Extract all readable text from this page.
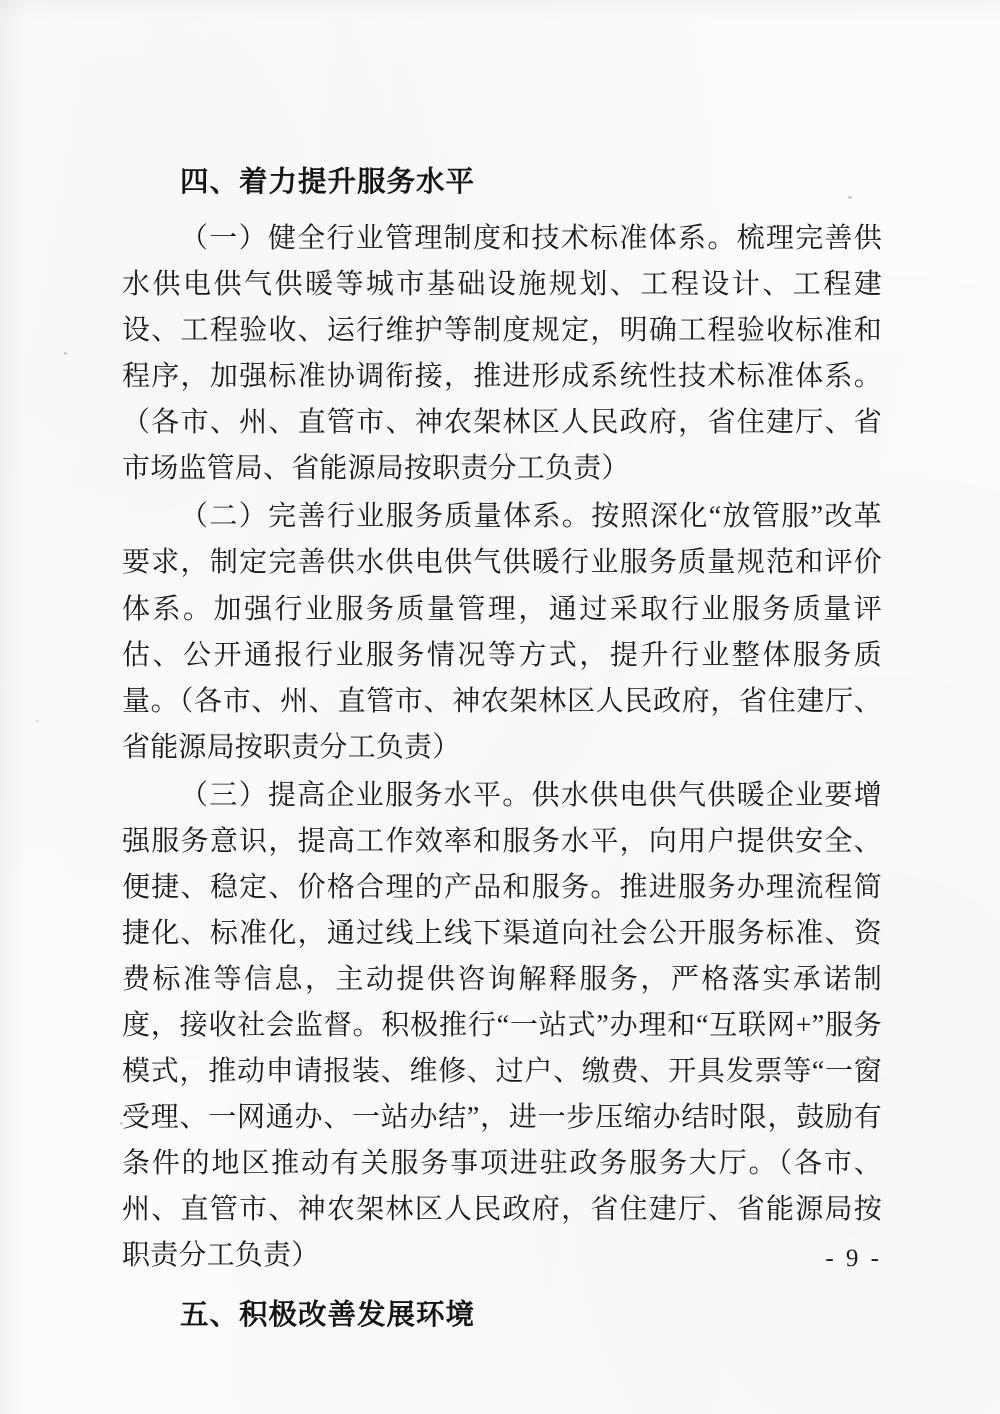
四、着力提升服务水平

（一）健全行业管理制度和技术标准体系。梳理完善供水供电供气供暖等城市基础设施规划、工程设计、工程建设、工程验收、运行维护等制度规定，明确工程验收标准和程序，加强标准协调衔接，推进形成系统性技术标准体系。（各市、州、直管市、神农架林区人民政府，省住建厅、省市场监管局、省能源局按职责分工负责）

（二）完善行业服务质量体系。按照深化“放管服”改革要求，制定完善供水供电供气供暖行业服务质量规范和评价体系。加强行业服务质量管理，通过采取行业服务质量评估、公开通报行业服务情况等方式，提升行业整体服务质量。（各市、州、直管市、神农架林区人民政府，省住建厅、省能源局按职责分工负责）

（三）提高企业服务水平。供水供电供气供暖企业要增强服务意识，提高工作效率和服务水平，向用户提供安全、便捷、稳定、价格合理的产品和服务。推进服务办理流程简捷化、标准化，通过线上线下渠道向社会公开服务标准、资费标准等信息，主动提供咨询解释服务，严格落实承诺制度，接收社会监督。积极推行“一站式”办理和“互联网+”服务模式，推动申请报装、维修、过户、缴费、开具发票等“一窗受理、一网通办、一站办结”，进一步压缩办结时限，鼓励有条件的地区推动有关服务事项进驻政务服务大厅。（各市、州、直管市、神农架林区人民政府，省住建厅、省能源局按职责分工负责）

五、积极改善发展环境

- 9 -
